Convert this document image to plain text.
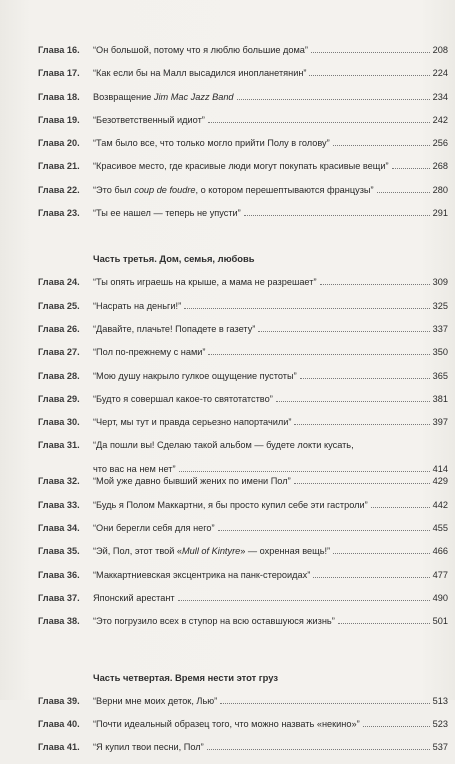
Глава 16.	“Он большой, потому что я люблю большие дома”	208
Глава 17.	“Как если бы на Малл высадился инопланетянин”	224
Глава 18.	Возвращение Jim Mac Jazz Band	234
Глава 19.	“Безответственный идиот”	242
Глава 20.	“Там было все, что только могло прийти Полу в голову”	256
Глава 21.	“Красивое место, где красивые люди могут покупать красивые вещи”	268
Глава 22.	“Это был coup de foudre, о котором перешептываются французы”	280
Глава 23.	“Ты ее нашел — теперь не упусти”	291
Часть третья. Дом, семья, любовь
Глава 24.	“Ты опять играешь на крыше, а мама не разрешает”	309
Глава 25.	“Насрать на деньги!”	325
Глава 26.	“Давайте, плачьте! Попадете в газету”	337
Глава 27.	“Пол по-прежнему с нами”	350
Глава 28.	“Мою душу накрыло гулкое ощущение пустоты”	365
Глава 29.	“Будто я совершал какое-то святотатство”	381
Глава 30.	“Черт, мы тут и правда серьезно напортачили”	397
Глава 31.	“Да пошли вы! Сделаю такой альбом — будете локти кусать,
что вас на нем нет”	414
Глава 32.	“Мой уже давно бывший жених по имени Пол”	429
Глава 33.	“Будь я Полом Маккартни, я бы просто купил себе эти гастроли”	442
Глава 34.	“Они берегли себя для него”	455
Глава 35.	“Эй, Пол, этот твой «Mull of Kintyre» — охренная вещь!”	466
Глава 36.	“Маккартниевская эксцентрика на панк-стероидах”	477
Глава 37.	Японский арестант	490
Глава 38.	“Это погрузило всех в ступор на всю оставшуюся жизнь”	501
Часть четвертая. Время нести этот груз
Глава 39.	“Верни мне моих деток, Лью”	513
Глава 40.	“Почти идеальный образец того, что можно назвать «некино»”	523
Глава 41.	“Я купил твои песни, Пол”	537
